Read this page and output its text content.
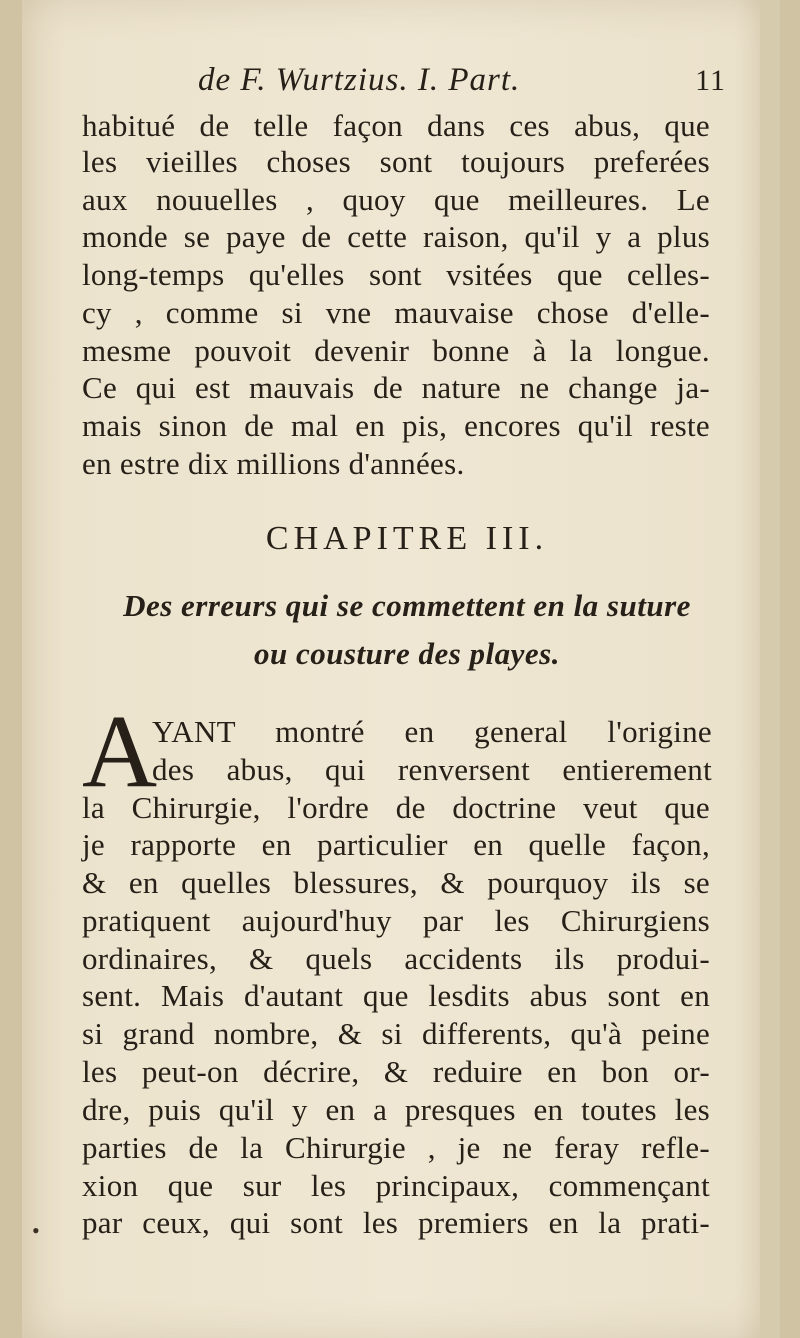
de F. Wurtzius. I. Part.	11
habitué de telle façon dans ces abus, que
les vieilles choses sont toujours preferées
aux nouuelles , quoy que meilleures. Le
monde se paye de cette raison, qu'il y a plus
long-temps qu'elles sont vsitées que celles-
cy , comme si vne mauvaise chose d'elle-
mesme pouvoit devenir bonne à la longue.
Ce qui est mauvais de nature ne change ja-
mais sinon de mal en pis, encores qu'il reste
en estre dix millions d'années.
CHAPITRE III.
Des erreurs qui se commettent en la suture
ou cousture des playes.
A
YANT montré en general l'origine
des abus, qui renversent entierement
la Chirurgie, l'ordre de doctrine veut que
je rapporte en particulier en quelle façon,
& en quelles blessures, & pourquoy ils se
pratiquent aujourd'huy par les Chirurgiens
ordinaires, & quels accidents ils produi-
sent. Mais d'autant que lesdits abus sont en
si grand nombre, & si differents, qu'à peine
les peut-on décrire, & reduire en bon or-
dre, puis qu'il y en a presques en toutes les
parties de la Chirurgie , je ne feray refle-
xion que sur les principaux, commençant
par ceux, qui sont les premiers en la prati-
•
